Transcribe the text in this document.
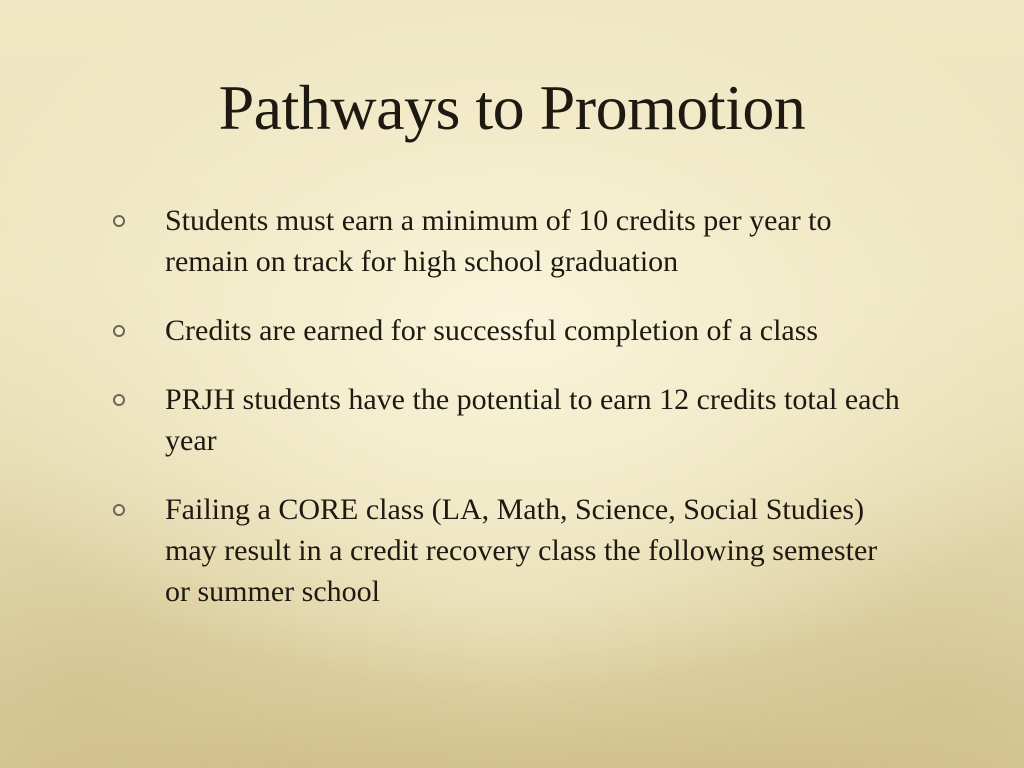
Pathways to Promotion
Students must earn a minimum of 10 credits per year to remain on track for high school graduation
Credits are earned for successful completion of a class
PRJH students have the potential to earn 12 credits total each year
Failing a CORE class (LA, Math, Science, Social Studies) may result in a credit recovery class the following semester or summer school
